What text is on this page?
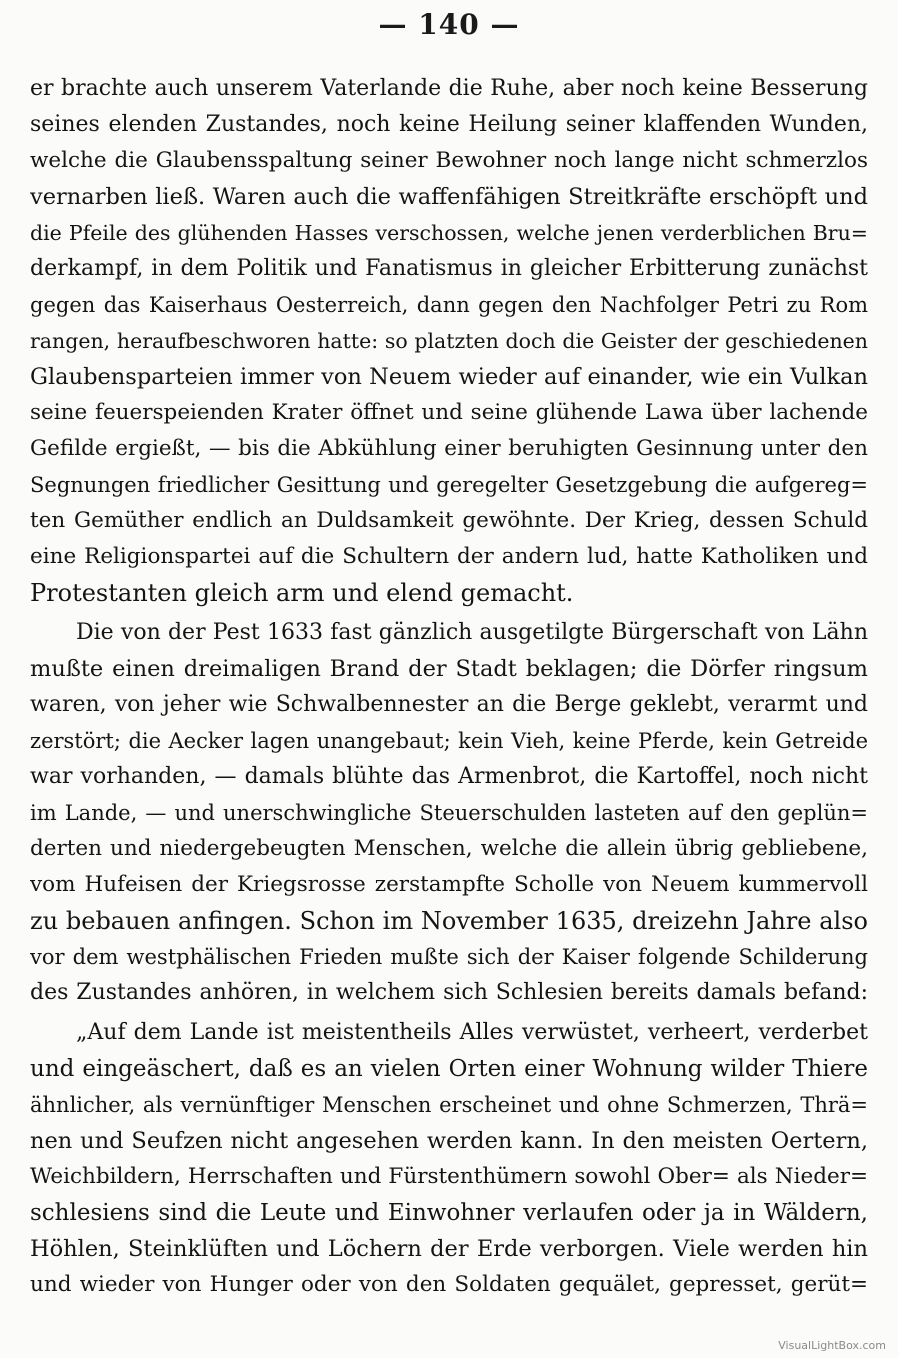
— 140 —
er brachte auch unserem Vaterlande die Ruhe, aber noch keine Besserung
seines elenden Zustandes, noch keine Heilung seiner klaffenden Wunden,
welche die Glaubensspaltung seiner Bewohner noch lange nicht schmerzlos
vernarben ließ. Waren auch die waffenfähigen Streitkräfte erschöpft und
die Pfeile des glühenden Hasses verschossen, welche jenen verderblichen Bru=
derkampf, in dem Politik und Fanatismus in gleicher Erbitterung zunächst
gegen das Kaiserhaus Oesterreich, dann gegen den Nachfolger Petri zu Rom
rangen, heraufbeschworen hatte: so platzten doch die Geister der geschiedenen
Glaubensparteien immer von Neuem wieder auf einander, wie ein Vulkan
seine feuerspeienden Krater öffnet und seine glühende Lawa über lachende
Gefilde ergießt, — bis die Abkühlung einer beruhigten Gesinnung unter den
Segnungen friedlicher Gesittung und geregelter Gesetzgebung die aufgereg=
ten Gemüther endlich an Duldsamkeit gewöhnte. Der Krieg, dessen Schuld
eine Religionspartei auf die Schultern der andern lud, hatte Katholiken und
Protestanten gleich arm und elend gemacht.
Die von der Pest 1633 fast gänzlich ausgetilgte Bürgerschaft von Lähn
mußte einen dreimaligen Brand der Stadt beklagen; die Dörfer ringsum
waren, von jeher wie Schwalbennester an die Berge geklebt, verarmt und
zerstört; die Aecker lagen unangebaut; kein Vieh, keine Pferde, kein Getreide
war vorhanden, — damals blühte das Armenbrot, die Kartoffel, noch nicht
im Lande, — und unerschwingliche Steuerschulden lasteten auf den geplün=
derten und niedergebeugten Menschen, welche die allein übrig gebliebene,
vom Hufeisen der Kriegsrosse zerstampfte Scholle von Neuem kummervoll
zu bebauen anfingen. Schon im November 1635, dreizehn Jahre also
vor dem westphälischen Frieden mußte sich der Kaiser folgende Schilderung
des Zustandes anhören, in welchem sich Schlesien bereits damals befand:
„Auf dem Lande ist meistentheils Alles verwüstet, verheert, verderbet
und eingeäschert, daß es an vielen Orten einer Wohnung wilder Thiere
ähnlicher, als vernünftiger Menschen erscheinet und ohne Schmerzen, Thrä=
nen und Seufzen nicht angesehen werden kann. In den meisten Oertern,
Weichbildern, Herrschaften und Fürstenthümern sowohl Ober= als Nieder=
schlesiens sind die Leute und Einwohner verlaufen oder ja in Wäldern,
Höhlen, Steinklüften und Löchern der Erde verborgen. Viele werden hin
und wieder von Hunger oder von den Soldaten gequälet, gepresset, gerüt=
VisualLightBox.com
